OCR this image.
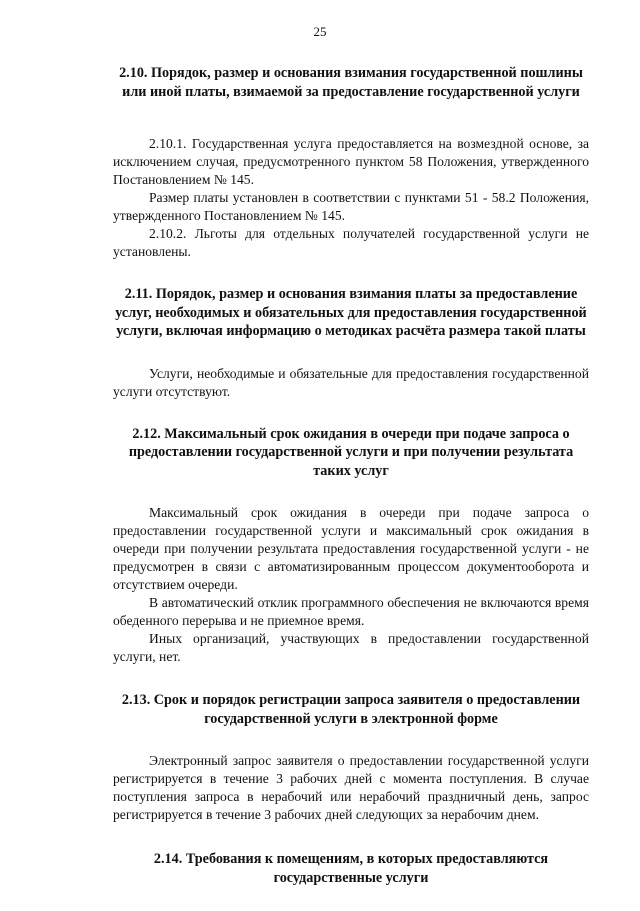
25
2.10. Порядок, размер и основания взимания государственной пошлины или иной платы, взимаемой за предоставление государственной услуги

2.10.1. Государственная услуга предоставляется на возмездной основе, за исключением случая, предусмотренного пунктом 58 Положения, утвержденного Постановлением № 145.

Размер платы установлен в соответствии с пунктами 51 - 58.2 Положения, утвержденного Постановлением № 145.

2.10.2. Льготы для отдельных получателей государственной услуги не установлены.

2.11. Порядок, размер и основания взимания платы за предоставление услуг, необходимых и обязательных для предоставления государственной услуги, включая информацию о методиках расчёта размера такой платы

Услуги, необходимые и обязательные для предоставления государственной услуги отсутствуют.

2.12. Максимальный срок ожидания в очереди при подаче запроса о предоставлении государственной услуги и при получении результата таких услуг

Максимальный срок ожидания в очереди при подаче запроса о предоставлении государственной услуги и максимальный срок ожидания в очереди при получении результата предоставления государственной услуги - не предусмотрен в связи с автоматизированным процессом документооборота и отсутствием очереди.

В автоматический отклик программного обеспечения не включаются время обеденного перерыва и не приемное время.

Иных организаций, участвующих в предоставлении государственной услуги, нет.

2.13. Срок и порядок регистрации запроса заявителя о предоставлении государственной услуги в электронной форме

Электронный запрос заявителя о предоставлении государственной услуги регистрируется в течение 3 рабочих дней с момента поступления. В случае поступления запроса в нерабочий или нерабочий праздничный день, запрос регистрируется в течение 3 рабочих дней следующих за нерабочим днем.

2.14. Требования к помещениям, в которых предоставляются государственные услуги
